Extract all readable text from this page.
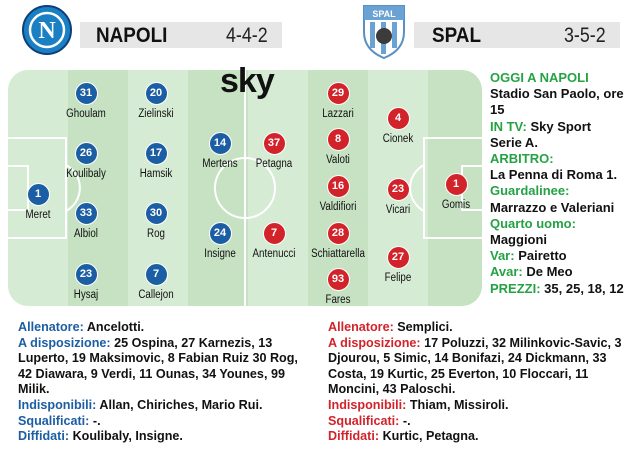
N NAPOLI	4-4-2
SPAL
SPAL	3-5-2
1
Meret
31
Ghoulam
26
Koulibaly
33
Albiol
23
Hysaj
20
Zielinski
17
Hamsik
30
Rog
7
Callejon
14
Mertens
24
Insigne
37
Petagna
7
Antenucci
29
Lazzari
8
Valoti
16
Valdifiori
28
Schiattarella
93
Fares
4
Cionek
23
Vicari
27
Felipe
1
Gomis
sky	OGGI A NAPOLI
Stadio San Paolo, ore 15
IN TV: Sky Sport Serie A.
ARBITRO:
La Penna di Roma 1.
Guardalinee:
Marrazzo e Valeriani
Quarto uomo:
Maggioni
Var: Pairetto
Avar: De Meo
PREZZI: 35, 25, 18, 12
Allenatore: Ancelotti.
A disposizione: 25 Ospina, 27 Karnezis, 13 Luperto, 19 Maksimovic, 8 Fabian Ruiz 30 Rog, 42 Diawara, 9 Verdi, 11 Ounas, 34 Younes, 99 Milik.
Indisponibili: Allan, Chiriches, Mario Rui.
Squalificati: -.
Diffidati: Koulibaly, Insigne.
Allenatore: Semplici.
A disposizione: 17 Poluzzi, 32 Milinkovic-Savic, 3 Djourou, 5 Simic, 14 Bonifazi, 24 Dickmann, 33 Costa, 19 Kurtic, 25 Everton, 10 Floccari, 11 Moncini, 43 Paloschi.
Indisponibili: Thiam, Missiroli.
Squalificati: -.
Diffidati: Kurtic, Petagna.
